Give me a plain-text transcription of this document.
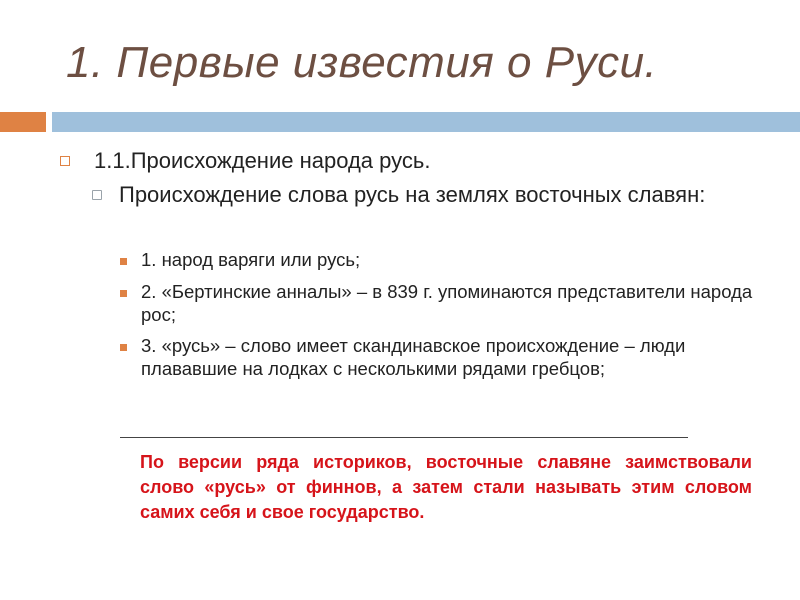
1. Первые известия о Руси.
1.1.Происхождение народа русь.
Происхождение слова русь на землях восточных славян:
1. народ варяги или русь;
2. «Бертинские анналы» – в 839 г. упоминаются представители народа рос;
3. «русь» – слово имеет скандинавское происхождение – люди плававшие на лодках с несколькими рядами гребцов;
По версии ряда историков, восточные славяне заимствовали слово «русь» от финнов, а затем стали называть этим словом самих себя и свое государство.
